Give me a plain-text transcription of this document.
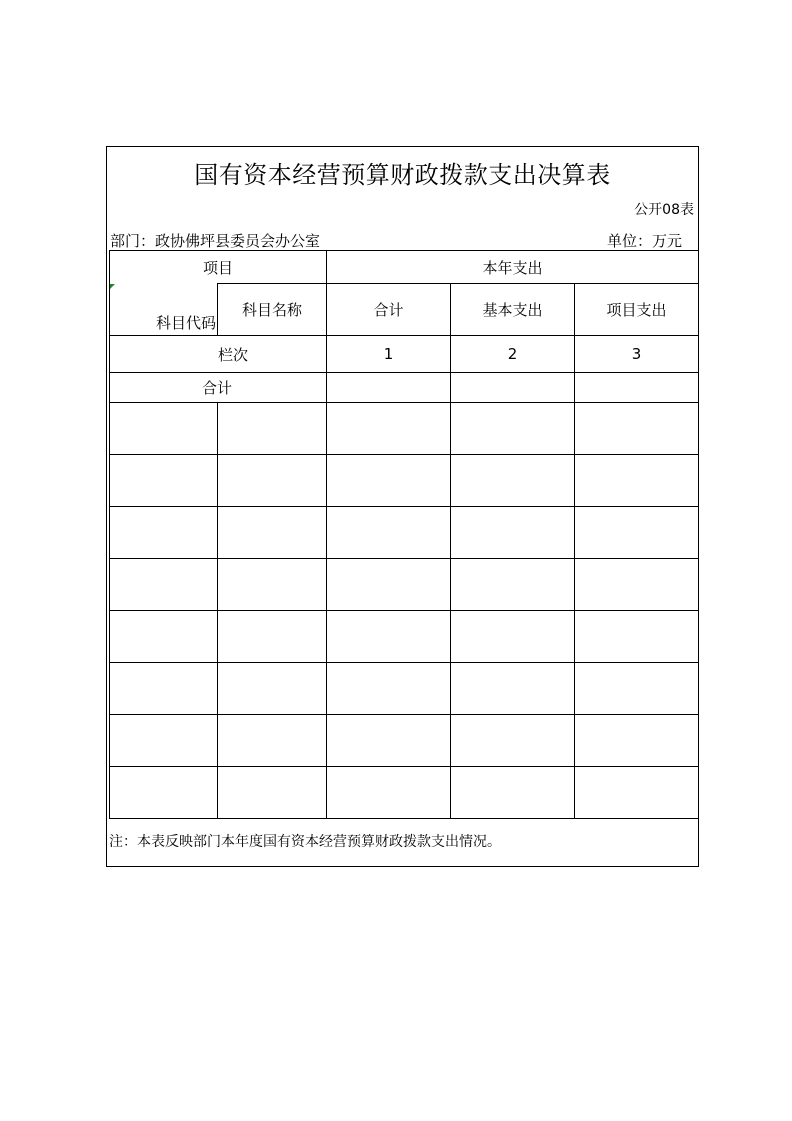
国有资本经营预算财政拨款支出决算表
公开08表
部门：政协佛坪县委员会办公室	单位：万元
项目		本年支出		

科目代码	科目名称	合计	基本支出	项目支出
栏次		1	2	3
合计				

注：本表反映部门本年度国有资本经营预算财政拨款支出情况。
